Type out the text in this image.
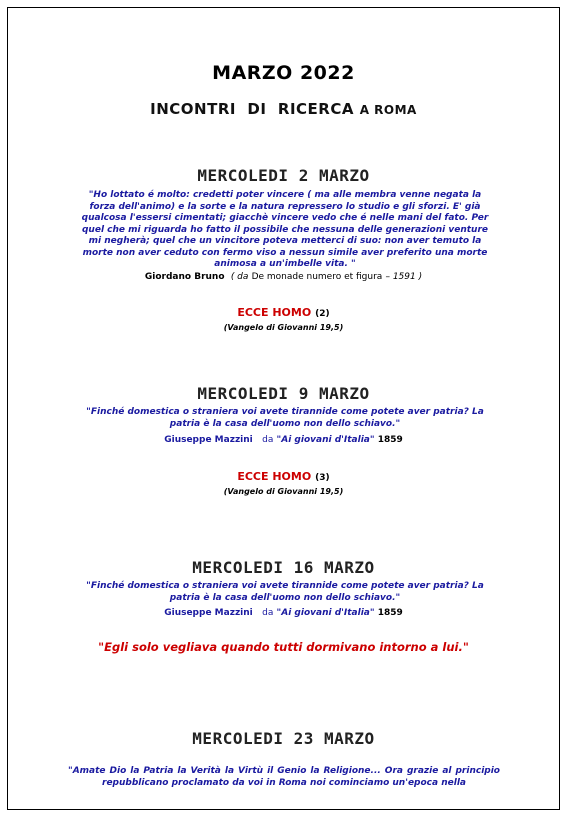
MARZO 2022
INCONTRI  DI  RICERCA A ROMA
MERCOLEDI 2 MARZO
"Ho lottato é molto: credetti poter vincere ( ma alle membra venne negata la forza dell'animo) e la sorte e la natura repressero lo studio e gli sforzi. E' già qualcosa l'essersi cimentati; giacchè vincere vedo che é nelle mani del fato. Per quel che mi riguarda ho fatto il possibile che nessuna delle generazioni venture mi negherà; quel che un vincitore poteva metterci di suo: non aver temuto la morte non aver ceduto con fermo viso a nessun simile aver preferito una morte animosa a un'imbelle vita. "
Giordano Bruno ( da De monade numero et figura – 1591 )
ECCE HOMO (2)
(Vangelo di Giovanni 19,5)
MERCOLEDI 9 MARZO
"Finché domestica o straniera voi avete tirannide come potete aver patria? La patria è la casa dell'uomo non dello schiavo."
Giuseppe Mazzini da "Ai giovani d'Italia" 1859
ECCE HOMO (3)
(Vangelo di Giovanni 19,5)
MERCOLEDI 16 MARZO
"Finché domestica o straniera voi avete tirannide come potete aver patria? La patria è la casa dell'uomo non dello schiavo."
Giuseppe Mazzini da "Ai giovani d'Italia" 1859
"Egli solo vegliava quando tutti dormivano intorno a lui."
MERCOLEDI 23 MARZO
"Amate Dio la Patria la Verità la Virtù il Genio la Religione... Ora grazie al principio repubblicano proclamato da voi in Roma noi cominciamo un'epoca nella
